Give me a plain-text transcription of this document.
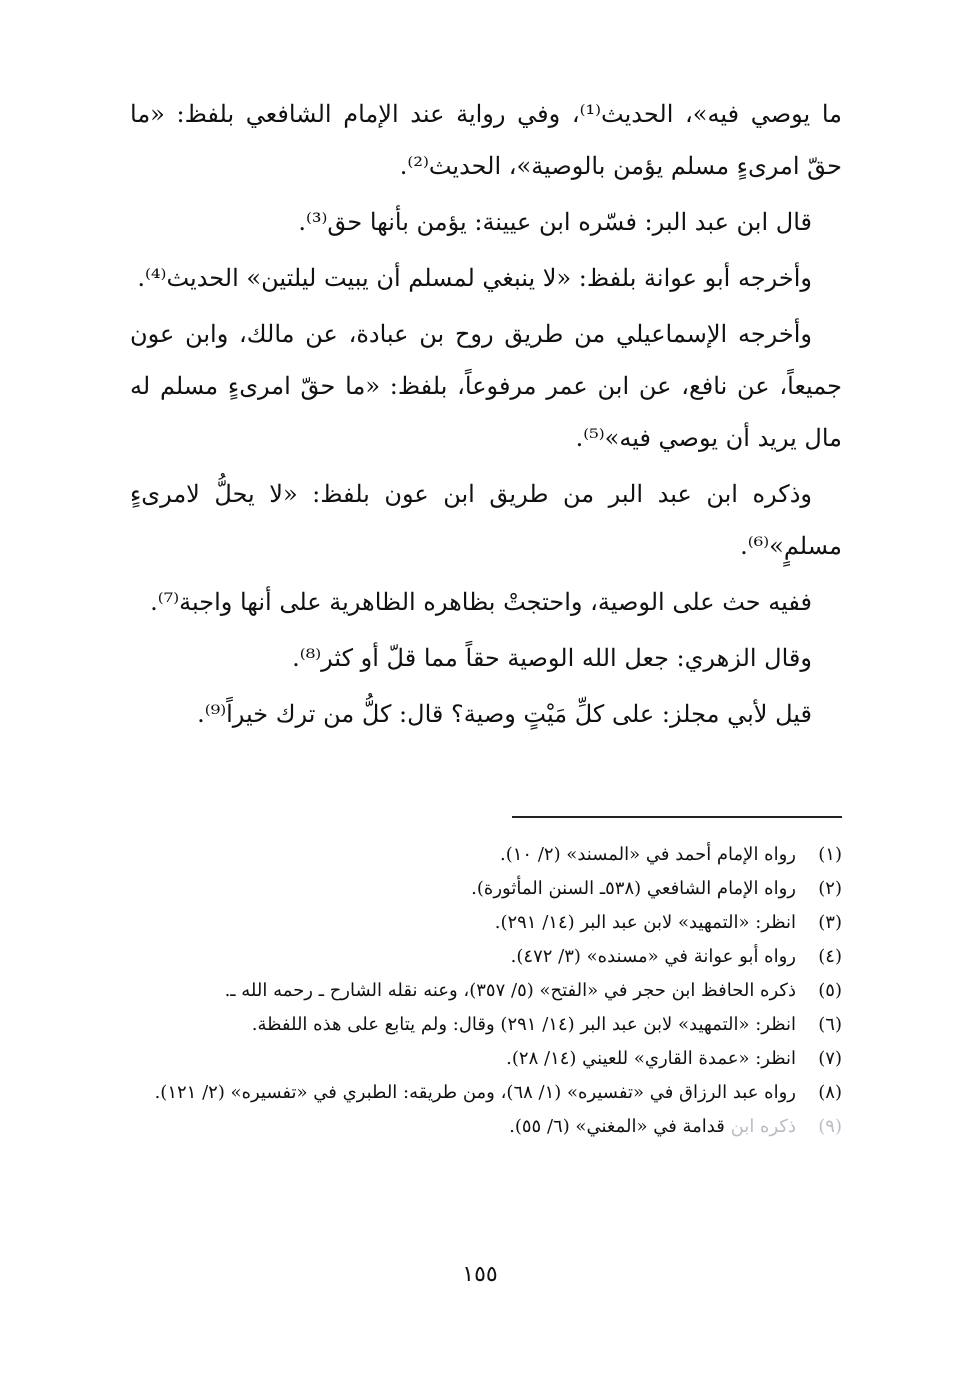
ما يوصي فيه»، الحديث⁽¹⁾، وفي رواية عند الإمام الشافعي بلفظ: «ما حقّ امرىءٍ مسلم يؤمن بالوصية»، الحديث⁽²⁾.

قال ابن عبد البر: فسّره ابن عيينة: يؤمن بأنها حق⁽³⁾.

وأخرجه أبو عوانة بلفظ: «لا ينبغي لمسلم أن يبيت ليلتين» الحديث⁽⁴⁾.

وأخرجه الإسماعيلي من طريق روح بن عبادة، عن مالك، وابن عون جميعاً، عن نافع، عن ابن عمر مرفوعاً، بلفظ: «ما حقّ امرىءٍ مسلم له مال يريد أن يوصي فيه»⁽⁵⁾.

وذكره ابن عبد البر من طريق ابن عون بلفظ: «لا يحلُّ لامرىءٍ مسلمٍ»⁽⁶⁾.

ففيه حث على الوصية، واحتجتْ بظاهره الظاهرية على أنها واجبة⁽⁷⁾.

وقال الزهري: جعل الله الوصية حقاً مما قلّ أو كثر⁽⁸⁾.

قيل لأبي مجلز: على كلِّ مَيْتٍ وصية؟ قال: كلُّ من ترك خيراً⁽⁹⁾.

(١)
رواه الإمام أحمد في «المسند» (٢/ ١٠).
(٢)
رواه الإمام الشافعي (٥٣٨ـ السنن المأثورة).
(٣)
انظر: «التمهيد» لابن عبد البر (١٤/ ٢٩١).
(٤)
رواه أبو عوانة في «مسنده» (٣/ ٤٧٢).
(٥)
ذكره الحافظ ابن حجر في «الفتح» (٥/ ٣٥٧)، وعنه نقله الشارح ـ رحمه الله ـ.
(٦)
انظر: «التمهيد» لابن عبد البر (١٤/ ٢٩١) وقال: ولم يتابع على هذه اللفظة.
(٧)
انظر: «عمدة القاري» للعيني (١٤/ ٢٨).
(٨)
رواه عبد الرزاق في «تفسيره» (١/ ٦٨)، ومن طريقه: الطبري في «تفسيره» (٢/ ١٢١).
(٩)
ذكره ابن قدامة في «المغني» (٦/ ٥٥).
١٥٥
